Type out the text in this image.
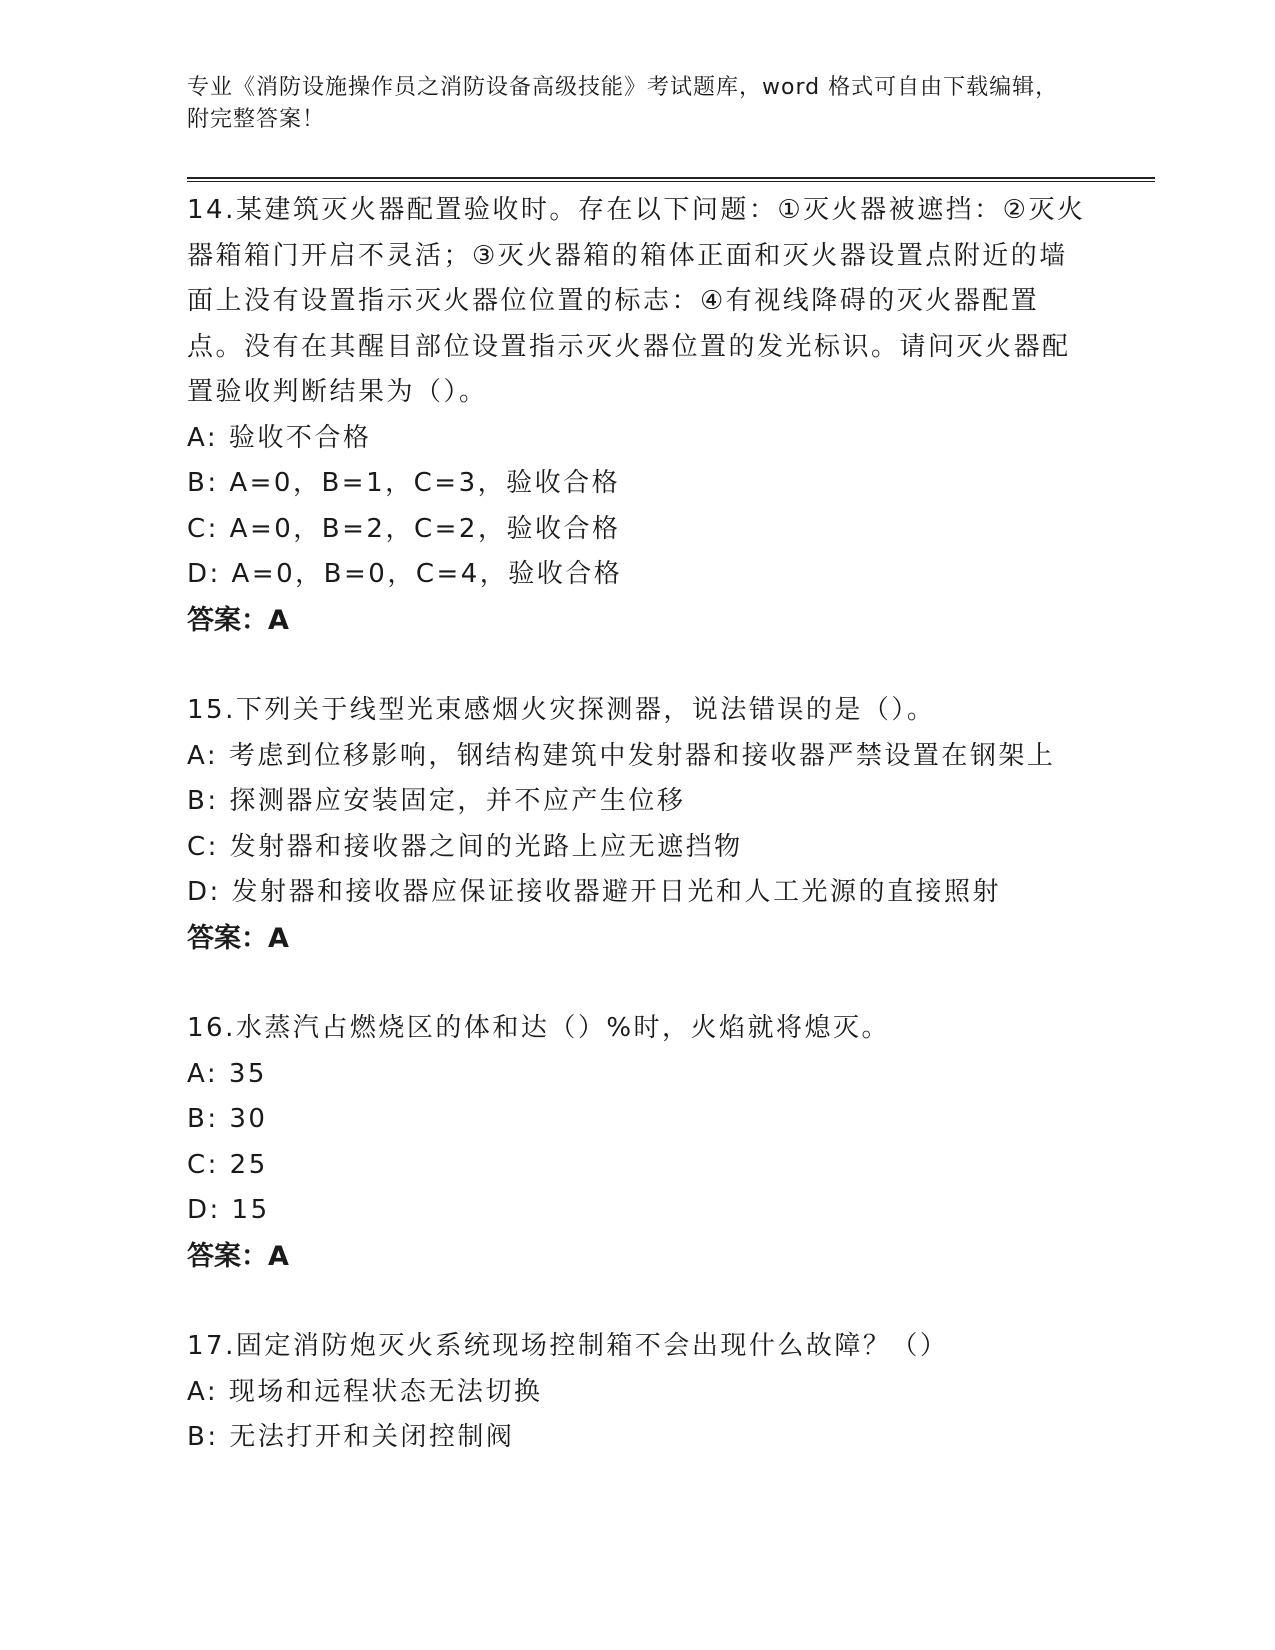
专业《消防设施操作员之消防设备高级技能》考试题库，word 格式可自由下载编辑，附完整答案！

14.某建筑灭火器配置验收时。存在以下问题：①灭火器被遮挡：②灭火器箱箱门开启不灵活；③灭火器箱的箱体正面和灭火器设置点附近的墙面上没有设置指示灭火器位位置的标志：④有视线降碍的灭火器配置点。没有在其醒目部位设置指示灭火器位置的发光标识。请问灭火器配置验收判断结果为（）。

A: 验收不合格

B: A=0，B=1，C=3，验收合格

C: A=0，B=2，C=2，验收合格

D: A=0，B=0，C=4，验收合格

答案：A

15.下列关于线型光束感烟火灾探测器，说法错误的是（）。

A: 考虑到位移影响，钢结构建筑中发射器和接收器严禁设置在钢架上

B: 探测器应安装固定，并不应产生位移

C: 发射器和接收器之间的光路上应无遮挡物

D: 发射器和接收器应保证接收器避开日光和人工光源的直接照射

答案：A

16.水蒸汽占燃烧区的体和达（）%时，火焰就将熄灭。

A: 35

B: 30

C: 25

D: 15

答案：A

17.固定消防炮灭火系统现场控制箱不会出现什么故障？（）

A: 现场和远程状态无法切换

B: 无法打开和关闭控制阀
